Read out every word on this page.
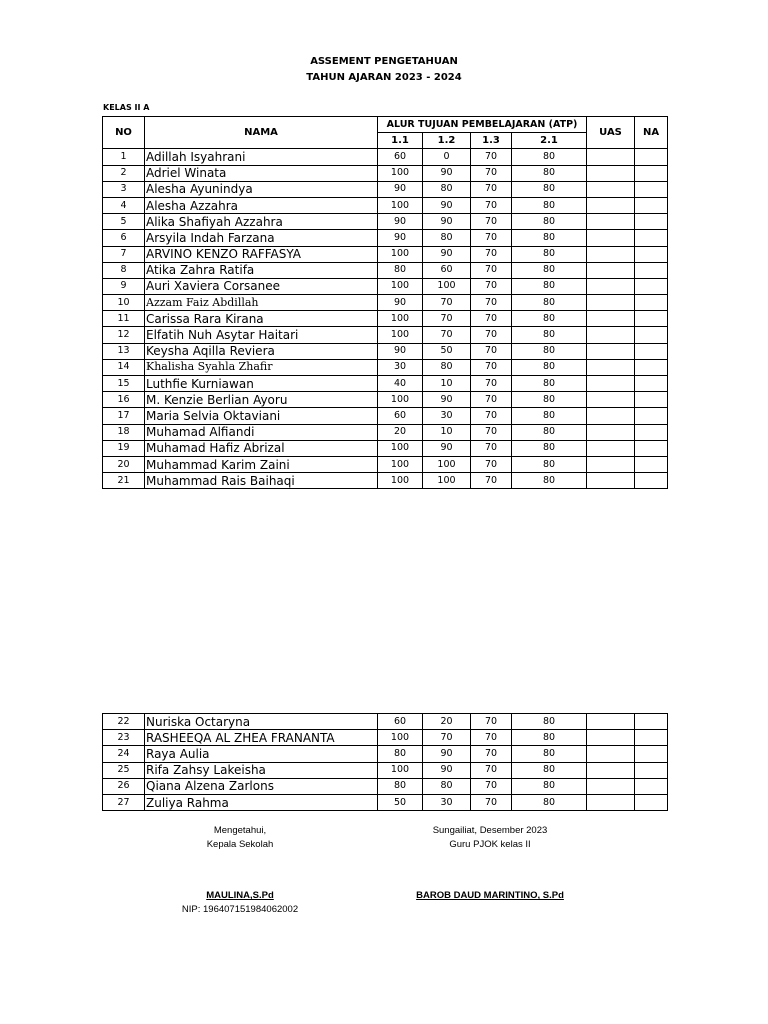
ASSEMENT PENGETAHUAN
TAHUN AJARAN 2023 - 2024
KELAS II A
NO	NAMA	ALUR TUJUAN PEMBELAJARAN (ATP)				UAS	NA
		1.1	1.2	1.3	2.1		
1	Adillah Isyahrani	60	0	70	80		
2	Adriel Winata	100	90	70	80		
3	Alesha Ayunindya	90	80	70	80		
4	Alesha Azzahra	100	90	70	80		
5	Alika Shafiyah Azzahra	90	90	70	80		
6	Arsyila Indah Farzana	90	80	70	80		
7	ARVINO KENZO RAFFASYA	100	90	70	80		
8	Atika Zahra Ratifa	80	60	70	80		
9	Auri Xaviera Corsanee	100	100	70	80		
10	Azzam Faiz Abdillah	90	70	70	80		
11	Carissa Rara Kirana	100	70	70	80		
12	Elfatih Nuh Asytar Haitari	100	70	70	80		
13	Keysha Aqilla Reviera	90	50	70	80		
14	Khalisha Syahla Zhafir	30	80	70	80		
15	Luthfie Kurniawan	40	10	70	80		
16	M. Kenzie Berlian Ayoru	100	90	70	80		
17	Maria Selvia Oktaviani	60	30	70	80		
18	Muhamad Alfiandi	20	10	70	80		
19	Muhamad Hafiz Abrizal	100	90	70	80		
20	Muhammad Karim Zaini	100	100	70	80		
21	Muhammad Rais Baihaqi	100	100	70	80		
22	Nuriska Octaryna	60	20	70	80		
23	RASHEEQA AL ZHEA FRANANTA	100	70	70	80		
24	Raya Aulia	80	90	70	80		
25	Rifa Zahsy Lakeisha	100	90	70	80		
26	Qiana Alzena Zarlons	80	80	70	80		
27	Zuliya Rahma	50	30	70	80		
Mengetahui,
Kepala Sekolah
MAULINA,S.Pd
NIP: 196407151984062002
Sungailiat, Desember 2023
Guru PJOK kelas II
BAROB DAUD MARINTINO, S.Pd
